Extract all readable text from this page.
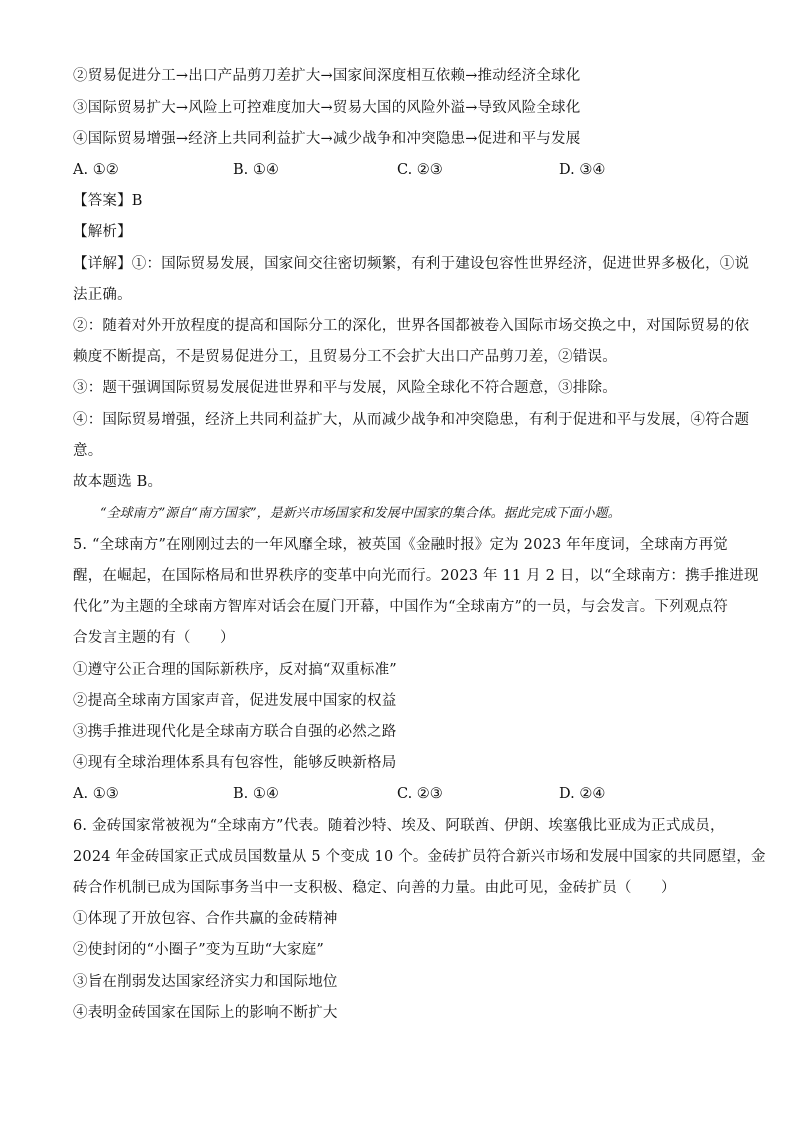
②贸易促进分工→出口产品剪刀差扩大→国家间深度相互依赖→推动经济全球化
③国际贸易扩大→风险上可控难度加大→贸易大国的风险外溢→导致风险全球化
④国际贸易增强→经济上共同利益扩大→减少战争和冲突隐患→促进和平与发展
A. ①②	B. ①④	C. ②③	D. ③④
【答案】B
【解析】
【详解】①：国际贸易发展，国家间交往密切频繁，有利于建设包容性世界经济，促进世界多极化，①说
法正确。
②：随着对外开放程度的提高和国际分工的深化，世界各国都被卷入国际市场交换之中，对国际贸易的依
赖度不断提高，不是贸易促进分工，且贸易分工不会扩大出口产品剪刀差，②错误。
③：题干强调国际贸易发展促进世界和平与发展，风险全球化不符合题意，③排除。
④：国际贸易增强，经济上共同利益扩大，从而减少战争和冲突隐患，有利于促进和平与发展，④符合题
意。
故本题选 B。
“全球南方”源自“南方国家”，是新兴市场国家和发展中国家的集合体。据此完成下面小题。
5. “全球南方”在刚刚过去的一年风靡全球，被英国《金融时报》定为 2023 年年度词，全球南方再觉
醒，在崛起，在国际格局和世界秩序的变革中向光而行。2023 年 11 月 2 日，以“全球南方：携手推进现
代化”为主题的全球南方智库对话会在厦门开幕，中国作为“全球南方”的一员，与会发言。下列观点符
合发言主题的有（　　）
①遵守公正合理的国际新秩序，反对搞“双重标准”
②提高全球南方国家声音，促进发展中国家的权益
③携手推进现代化是全球南方联合自强的必然之路
④现有全球治理体系具有包容性，能够反映新格局
A. ①③	B. ①④	C. ②③	D. ②④
6. 金砖国家常被视为“全球南方”代表。随着沙特、埃及、阿联酋、伊朗、埃塞俄比亚成为正式成员，
2024 年金砖国家正式成员国数量从 5 个变成 10 个。金砖扩员符合新兴市场和发展中国家的共同愿望，金
砖合作机制已成为国际事务当中一支积极、稳定、向善的力量。由此可见，金砖扩员（　　）
①体现了开放包容、合作共赢的金砖精神
②使封闭的“小圈子”变为互助“大家庭”
③旨在削弱发达国家经济实力和国际地位
④表明金砖国家在国际上的影响不断扩大
